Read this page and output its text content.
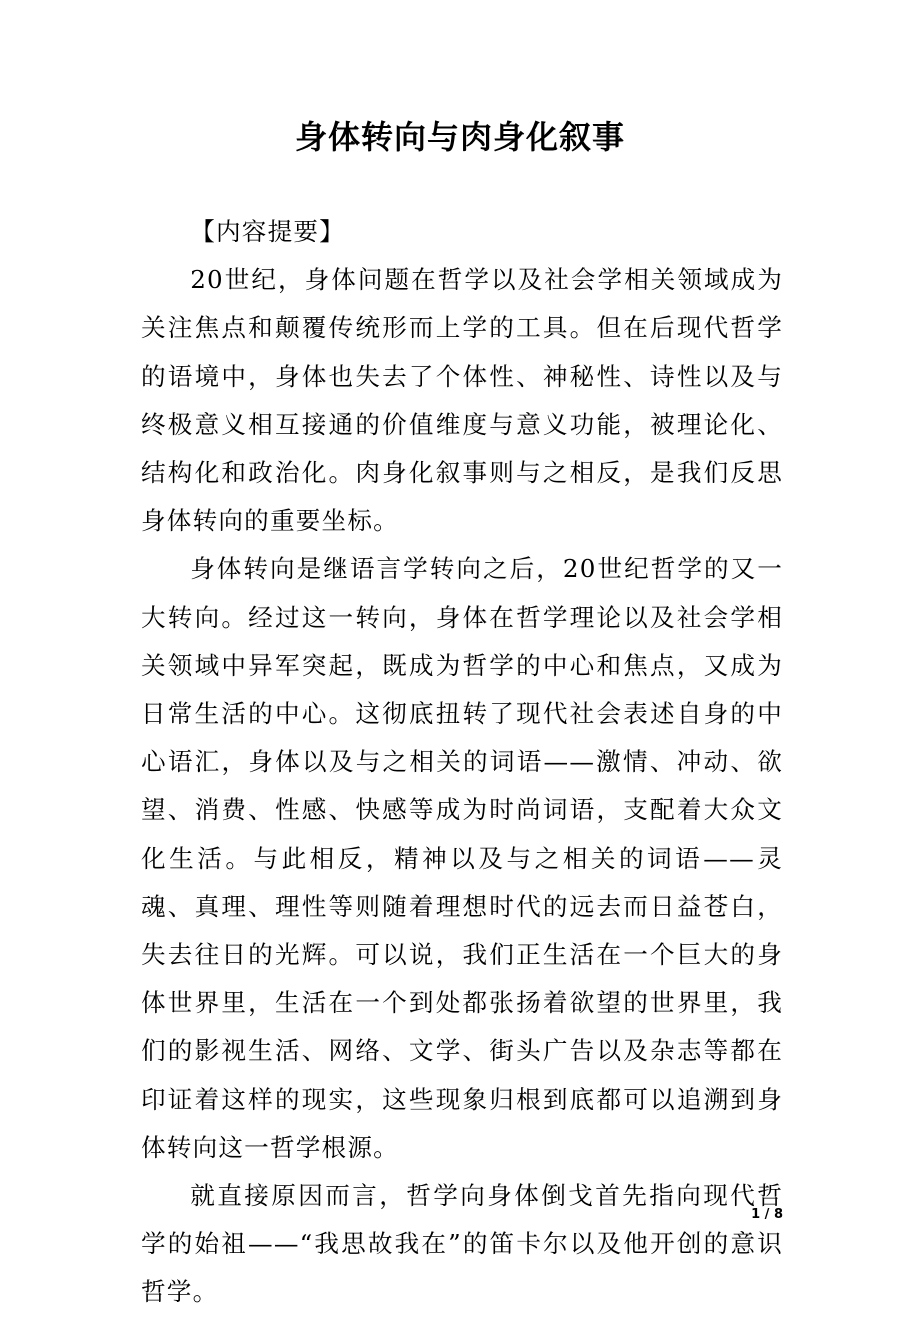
身体转向与肉身化叙事

【内容提要】

20世纪，身体问题在哲学以及社会学相关领域成为关注焦点和颠覆传统形而上学的工具。但在后现代哲学的语境中，身体也失去了个体性、神秘性、诗性以及与终极意义相互接通的价值维度与意义功能，被理论化、结构化和政治化。肉身化叙事则与之相反，是我们反思身体转向的重要坐标。

身体转向是继语言学转向之后，20世纪哲学的又一大转向。经过这一转向，身体在哲学理论以及社会学相关领域中异军突起，既成为哲学的中心和焦点，又成为日常生活的中心。这彻底扭转了现代社会表述自身的中心语汇，身体以及与之相关的词语——激情、冲动、欲望、消费、性感、快感等成为时尚词语，支配着大众文化生活。与此相反，精神以及与之相关的词语——灵魂、真理、理性等则随着理想时代的远去而日益苍白，失去往日的光辉。可以说，我们正生活在一个巨大的身体世界里，生活在一个到处都张扬着欲望的世界里，我们的影视生活、网络、文学、街头广告以及杂志等都在印证着这样的现实，这些现象归根到底都可以追溯到身体转向这一哲学根源。

就直接原因而言，哲学向身体倒戈首先指向现代哲学的始祖——“我思故我在”的笛卡尔以及他开创的意识哲学。

1 / 8
